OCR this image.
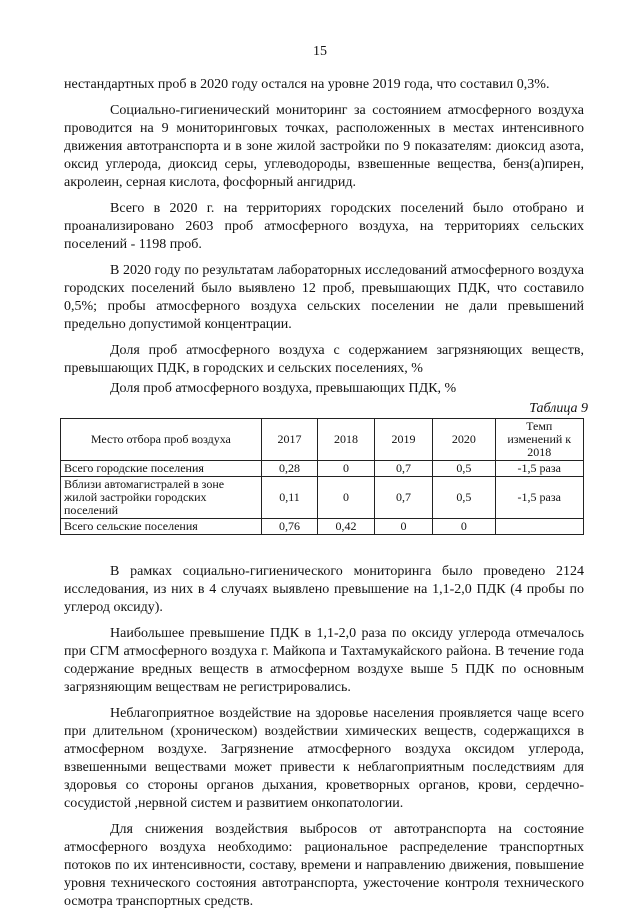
15

нестандартных проб в 2020 году остался на уровне 2019 года, что составил 0,3%.

Социально-гигиенический мониторинг за состоянием атмосферного воздуха проводится на 9 мониторинговых точках, расположенных в местах интенсивного движения автотранспорта и в зоне жилой застройки по 9 показателям: диоксид азота, оксид углерода, диоксид серы, углеводороды, взвешенные вещества, бенз(а)пирен, акролеин, серная кислота, фосфорный ангидрид.

Всего в 2020 г. на территориях городских поселений было отобрано и проанализировано 2603 проб атмосферного воздуха, на территориях сельских поселений - 1198 проб.

В 2020 году по результатам лабораторных исследований атмосферного воздуха городских поселений было выявлено 12 проб, превышающих ПДК, что составило 0,5%; пробы атмосферного воздуха сельских поселении не дали превышений предельно допустимой концентрации.

Доля проб атмосферного воздуха с содержанием загрязняющих веществ, превышающих ПДК, в городских и сельских поселениях, %

Доля проб атмосферного воздуха, превышающих ПДК, %

Таблица 9
Место отбора проб воздуха	2017	2018	2019	2020	Темп изменений к 2018
Всего городские поселения	0,28	0	0,7	0,5	-1,5 раза
Вблизи автомагистралей в зоне жилой застройки городских поселений	0,11	0	0,7	0,5	-1,5 раза
Всего сельские поселения	0,76	0,42	0	0	

В рамках социально-гигиенического мониторинга было проведено 2124 исследования, из них в 4 случаях выявлено превышение на 1,1-2,0 ПДК (4 пробы по углерод оксиду).

Наибольшее превышение ПДК в 1,1-2,0 раза по оксиду углерода отмечалось при СГМ атмосферного воздуха г. Майкопа и Тахтамукайского района. В течение года содержание вредных веществ в атмосферном воздухе выше 5 ПДК по основным загрязняющим веществам не регистрировались.

Неблагоприятное воздействие на здоровье населения проявляется чаще всего при длительном (хроническом) воздействии химических веществ, содержащихся в атмосферном воздухе. Загрязнение атмосферного воздуха оксидом углерода, взвешенными веществами может привести к неблагоприятным последствиям для здоровья со стороны органов дыхания, кроветворных органов, крови, сердечно-сосудистой ,нервной систем и развитием онкопатологии.

Для снижения воздействия выбросов от автотранспорта на состояние атмосферного воздуха необходимо: рациональное распределение транспортных потоков по их интенсивности, составу, времени и направлению движения, повышение уровня технического состояния автотранспорта, ужесточение контроля технического осмотра транспортных средств.
